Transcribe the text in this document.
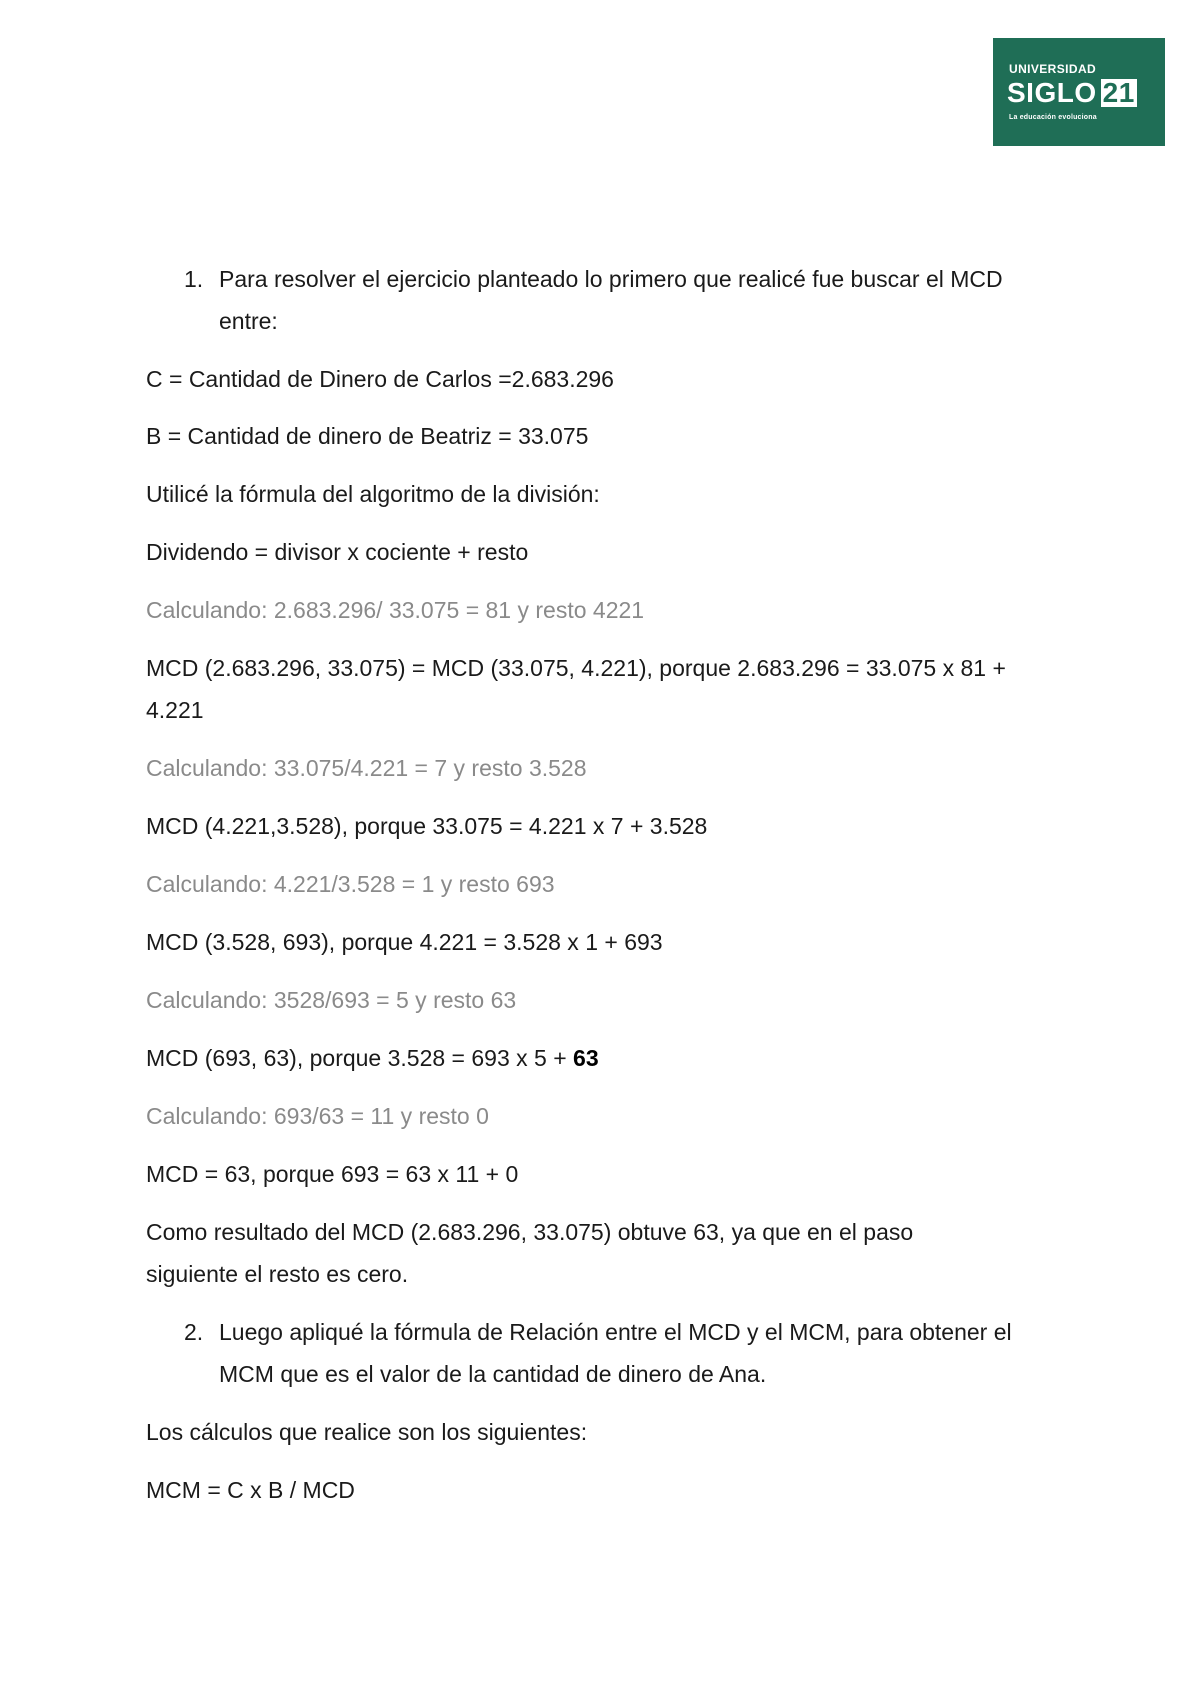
UNIVERSIDAD
SIGLO 21
La educación evoluciona
1. Para resolver el ejercicio planteado lo primero que realicé fue buscar el MCD
entre:
C = Cantidad de Dinero de Carlos =2.683.296
B = Cantidad de dinero de Beatriz = 33.075
Utilicé la fórmula del algoritmo de la división:
Dividendo = divisor x cociente + resto
Calculando: 2.683.296/ 33.075 = 81 y resto 4221
MCD (2.683.296, 33.075) = MCD (33.075, 4.221), porque 2.683.296 = 33.075 x 81 +
4.221
Calculando: 33.075/4.221 = 7 y resto 3.528
MCD (4.221,3.528), porque 33.075 = 4.221 x 7 + 3.528
Calculando: 4.221/3.528 = 1 y resto 693
MCD (3.528, 693), porque 4.221 = 3.528 x 1 + 693
Calculando: 3528/693 = 5 y resto 63
MCD (693, 63), porque 3.528 = 693 x 5 + 63
Calculando: 693/63 = 11 y resto 0
MCD = 63, porque 693 = 63 x 11 + 0
Como resultado del MCD (2.683.296, 33.075) obtuve 63, ya que en el paso
siguiente el resto es cero.
2. Luego apliqué la fórmula de Relación entre el MCD y el MCM, para obtener el
MCM que es el valor de la cantidad de dinero de Ana.
Los cálculos que realice son los siguientes:
MCM = C x B / MCD
